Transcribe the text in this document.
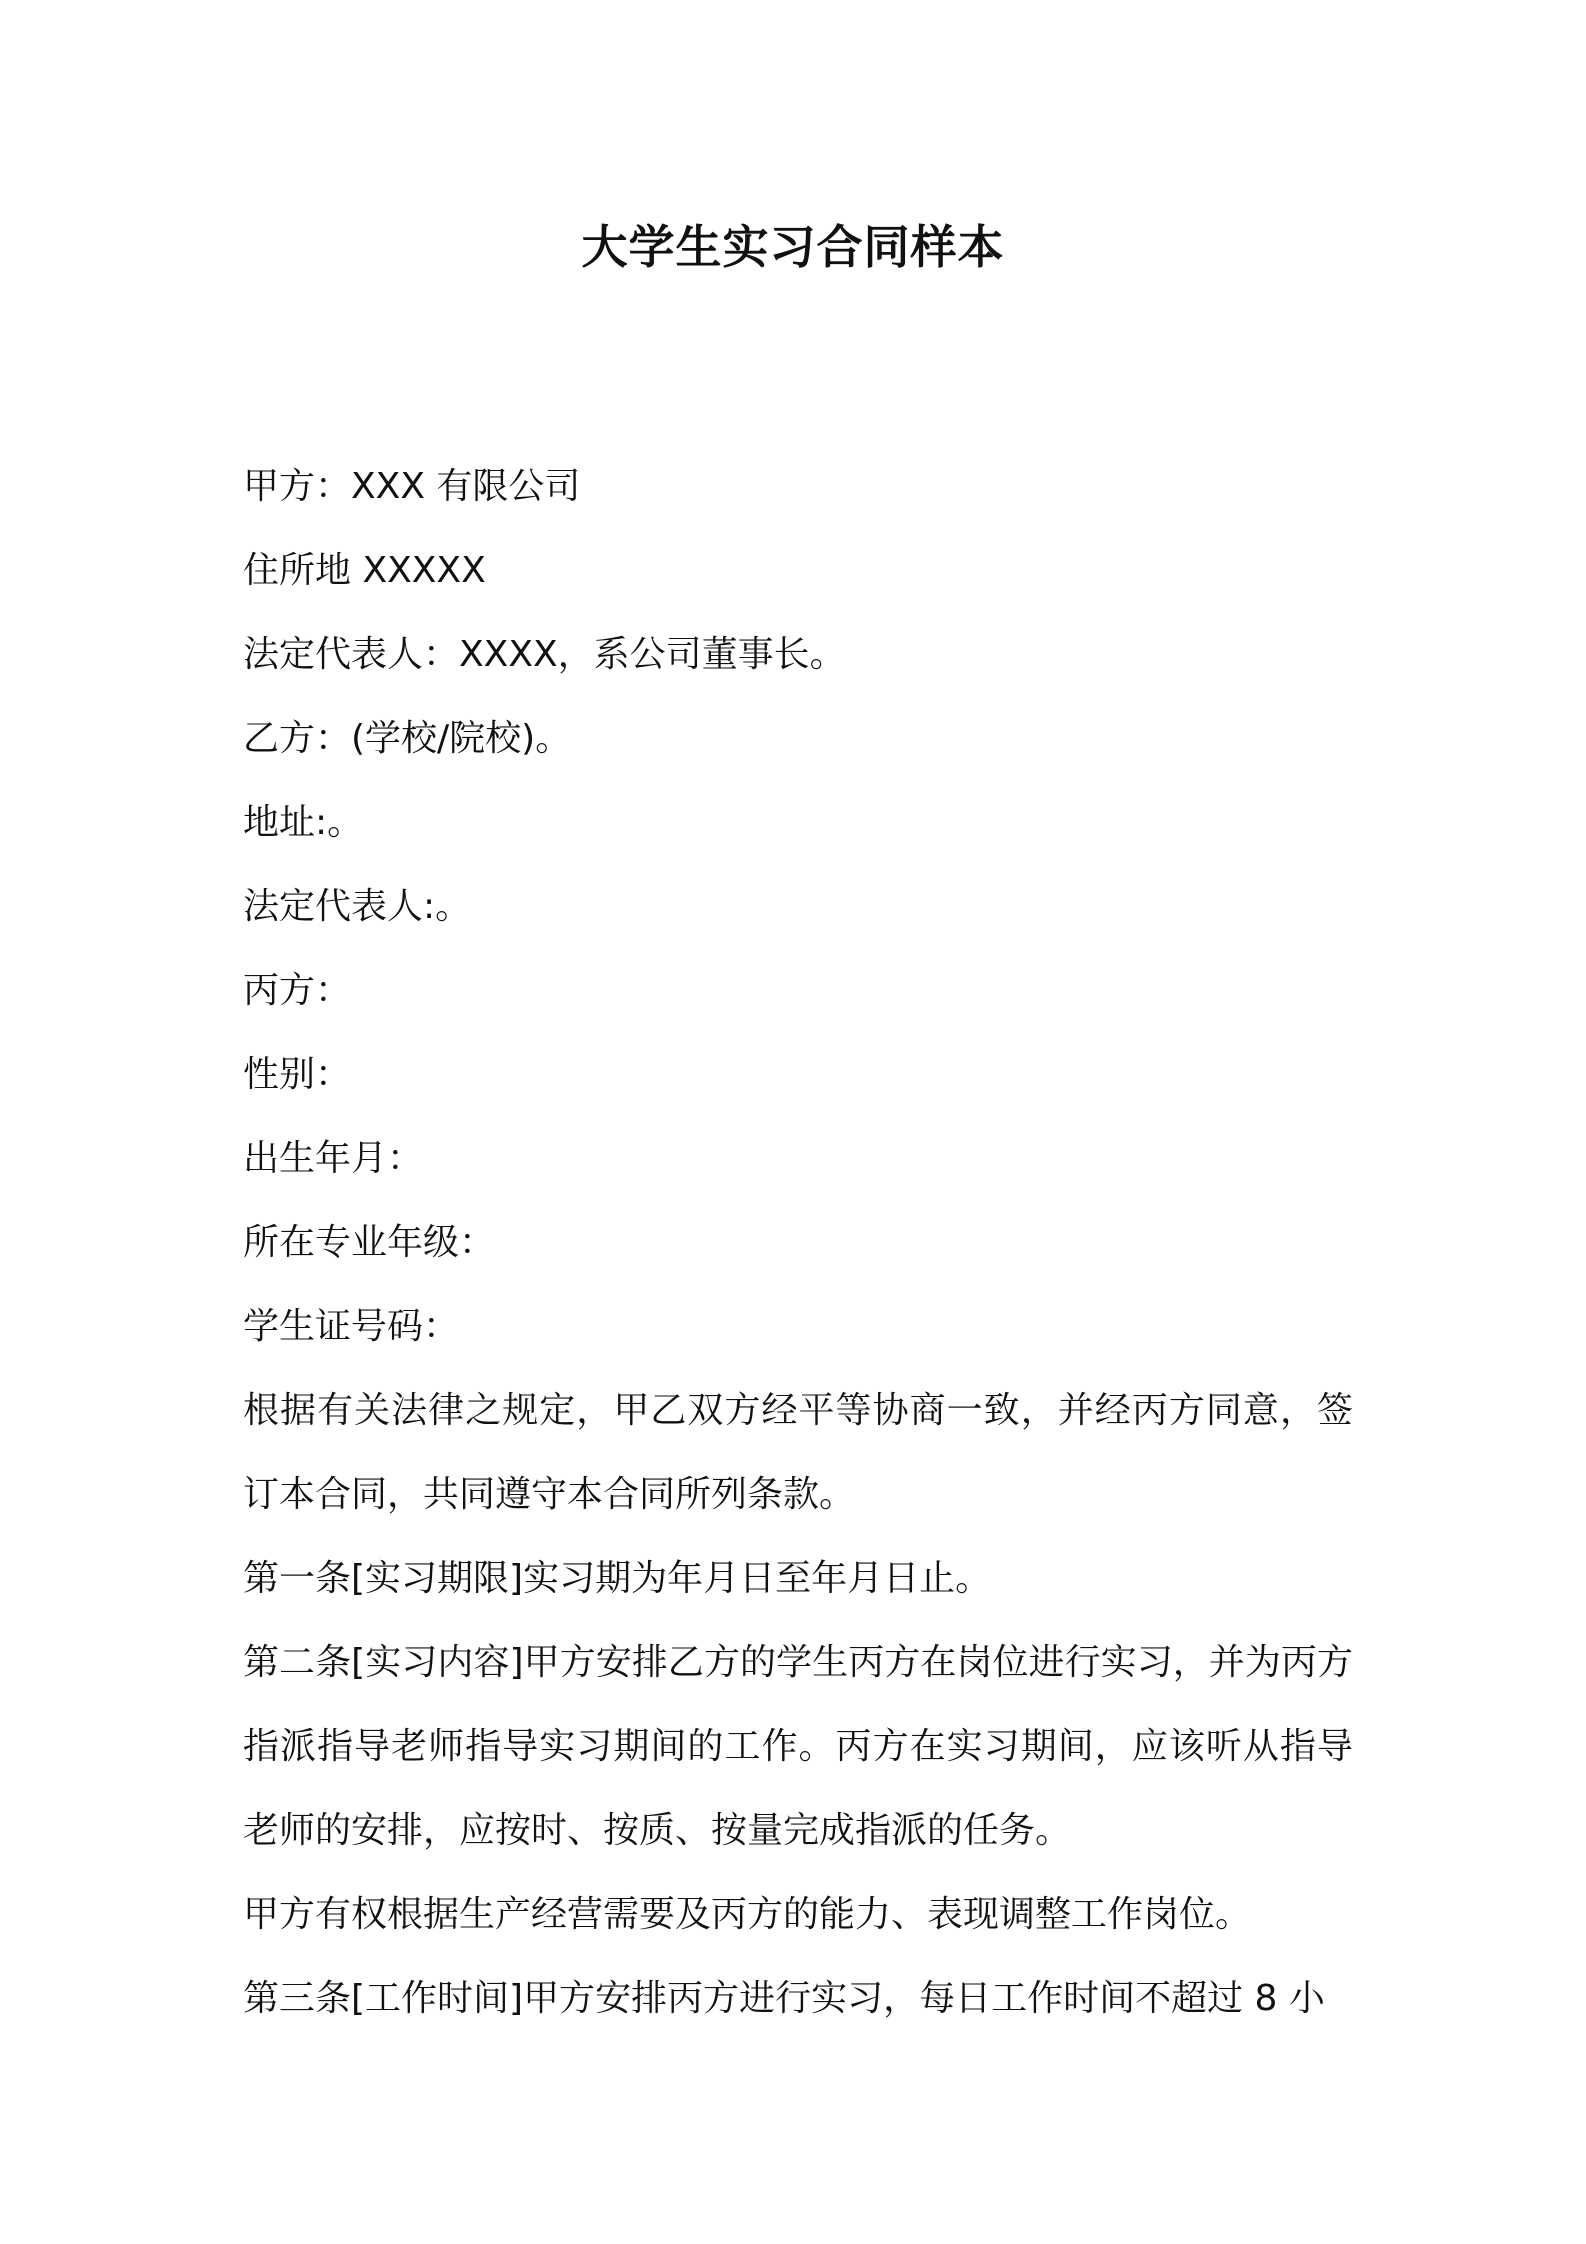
大学生实习合同样本

甲方：XXX 有限公司

住所地 XXXXX

法定代表人：XXXX，系公司董事长。

乙方：(学校/院校)。

地址:。

法定代表人:。

丙方：

性别：

出生年月：

所在专业年级：

学生证号码：

根据有关法律之规定，甲乙双方经平等协商一致，并经丙方同意，签订本合同，共同遵守本合同所列条款。

第一条[实习期限]实习期为年月日至年月日止。

第二条[实习内容]甲方安排乙方的学生丙方在岗位进行实习，并为丙方指派指导老师指导实习期间的工作。丙方在实习期间，应该听从指导老师的安排，应按时、按质、按量完成指派的任务。

甲方有权根据生产经营需要及丙方的能力、表现调整工作岗位。

第三条[工作时间]甲方安排丙方进行实习，每日工作时间不超过 8 小
